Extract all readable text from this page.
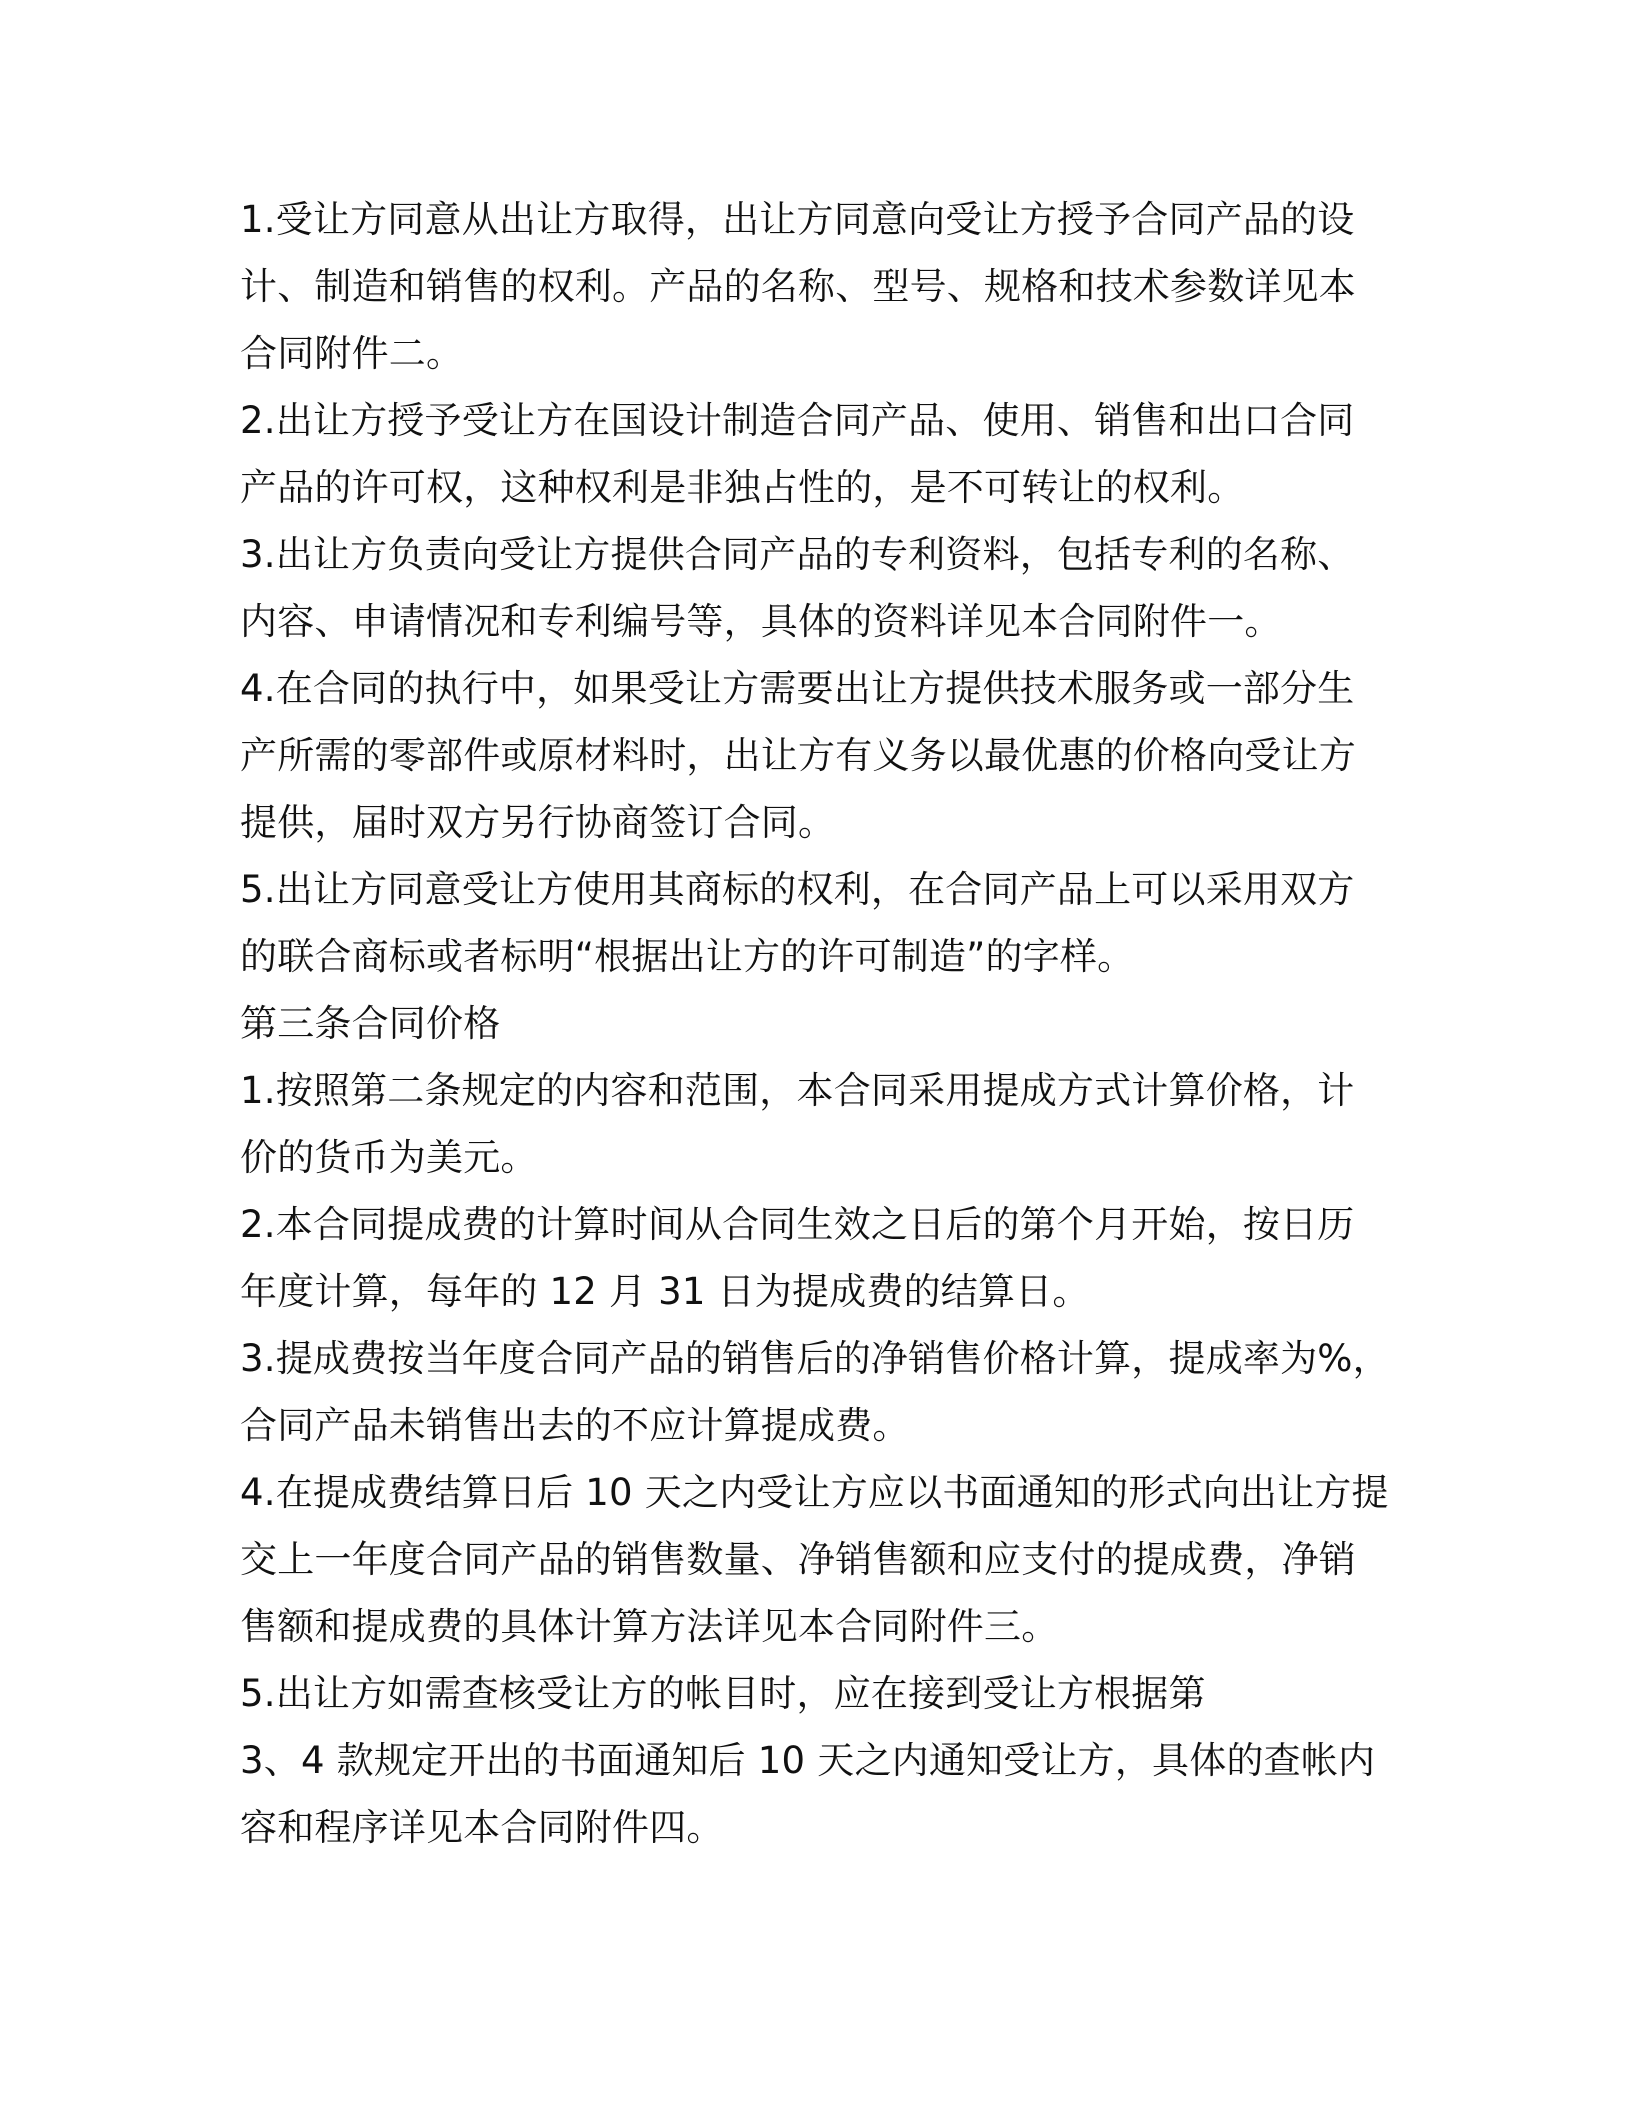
1.受让方同意从出让方取得，出让方同意向受让方授予合同产品的设
计、制造和销售的权利。产品的名称、型号、规格和技术参数详见本
合同附件二。
2.出让方授予受让方在国设计制造合同产品、使用、销售和出口合同
产品的许可权，这种权利是非独占性的，是不可转让的权利。
3.出让方负责向受让方提供合同产品的专利资料，包括专利的名称、
内容、申请情况和专利编号等，具体的资料详见本合同附件一。
4.在合同的执行中，如果受让方需要出让方提供技术服务或一部分生
产所需的零部件或原材料时，出让方有义务以最优惠的价格向受让方
提供，届时双方另行协商签订合同。
5.出让方同意受让方使用其商标的权利，在合同产品上可以采用双方
的联合商标或者标明“根据出让方的许可制造”的字样。
第三条合同价格
1.按照第二条规定的内容和范围，本合同采用提成方式计算价格，计
价的货币为美元。
2.本合同提成费的计算时间从合同生效之日后的第个月开始，按日历
年度计算，每年的 12 月 31 日为提成费的结算日。
3.提成费按当年度合同产品的销售后的净销售价格计算，提成率为%，
合同产品未销售出去的不应计算提成费。
4.在提成费结算日后 10 天之内受让方应以书面通知的形式向出让方提
交上一年度合同产品的销售数量、净销售额和应支付的提成费，净销
售额和提成费的具体计算方法详见本合同附件三。
5.出让方如需查核受让方的帐目时，应在接到受让方根据第
3、4 款规定开出的书面通知后 10 天之内通知受让方，具体的查帐内
容和程序详见本合同附件四。
